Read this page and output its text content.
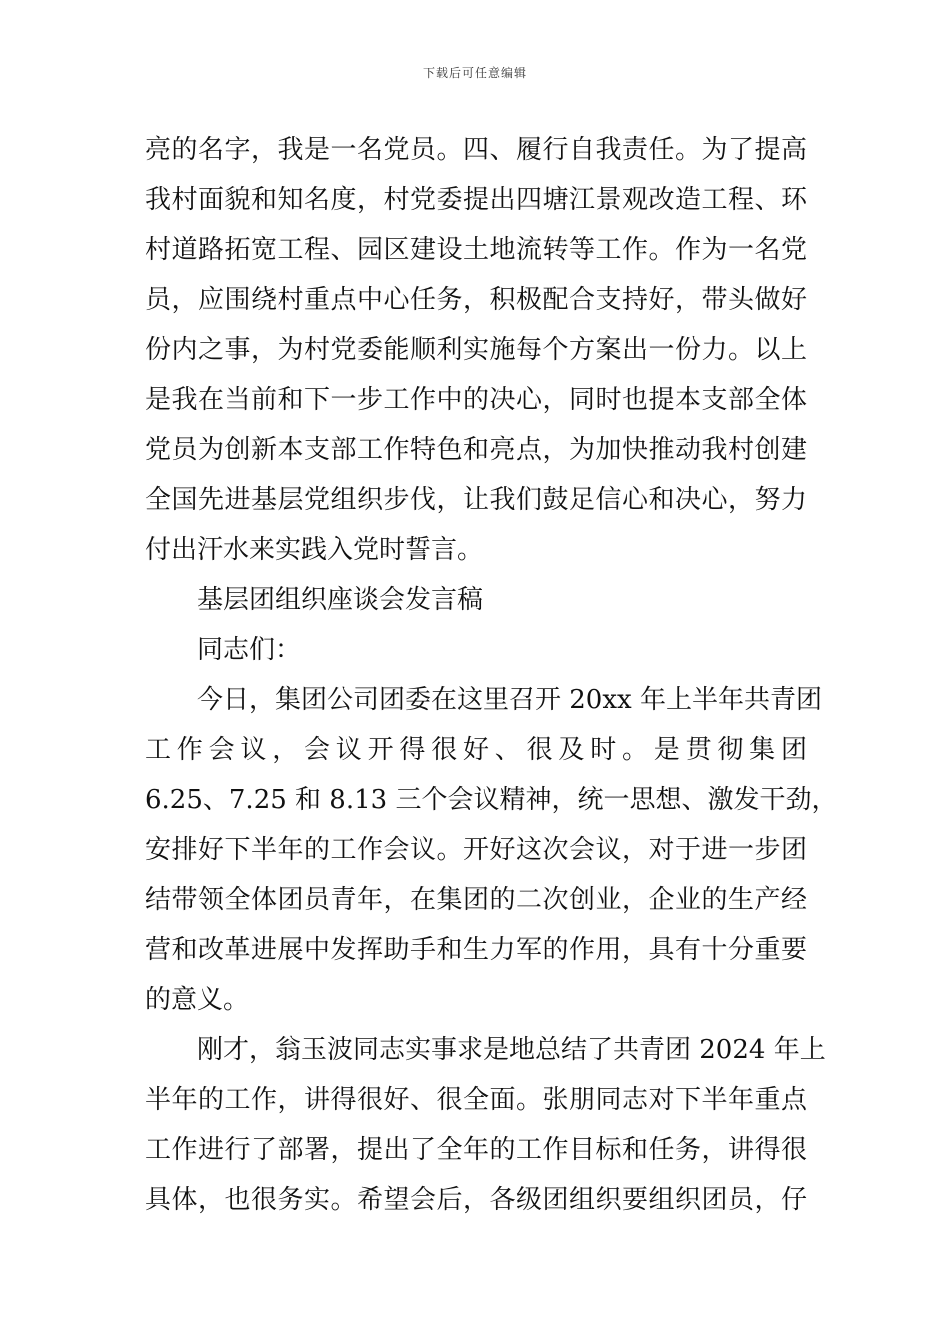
下载后可任意编辑
亮的名字，我是一名党员。四、履行自我责任。为了提高
我村面貌和知名度，村党委提出四塘江景观改造工程、环
村道路拓宽工程、园区建设土地流转等工作。作为一名党
员，应围绕村重点中心任务，积极配合支持好，带头做好
份内之事，为村党委能顺利实施每个方案出一份力。以上
是我在当前和下一步工作中的决心，同时也提本支部全体
党员为创新本支部工作特色和亮点，为加快推动我村创建
全国先进基层党组织步伐，让我们鼓足信心和决心，努力
付出汗水来实践入党时誓言。
基层团组织座谈会发言稿
同志们：
今日，集团公司团委在这里召开 20xx 年上半年共青团
工作会议，会议开得很好、很及时。是贯彻集团
6.25、7.25 和 8.13 三个会议精神，统一思想、激发干劲，
安排好下半年的工作会议。开好这次会议，对于进一步团
结带领全体团员青年，在集团的二次创业，企业的生产经
营和改革进展中发挥助手和生力军的作用，具有十分重要
的意义。
刚才，翁玉波同志实事求是地总结了共青团 2024 年上
半年的工作，讲得很好、很全面。张朋同志对下半年重点
工作进行了部署，提出了全年的工作目标和任务，讲得很
具体，也很务实。希望会后，各级团组织要组织团员，仔
